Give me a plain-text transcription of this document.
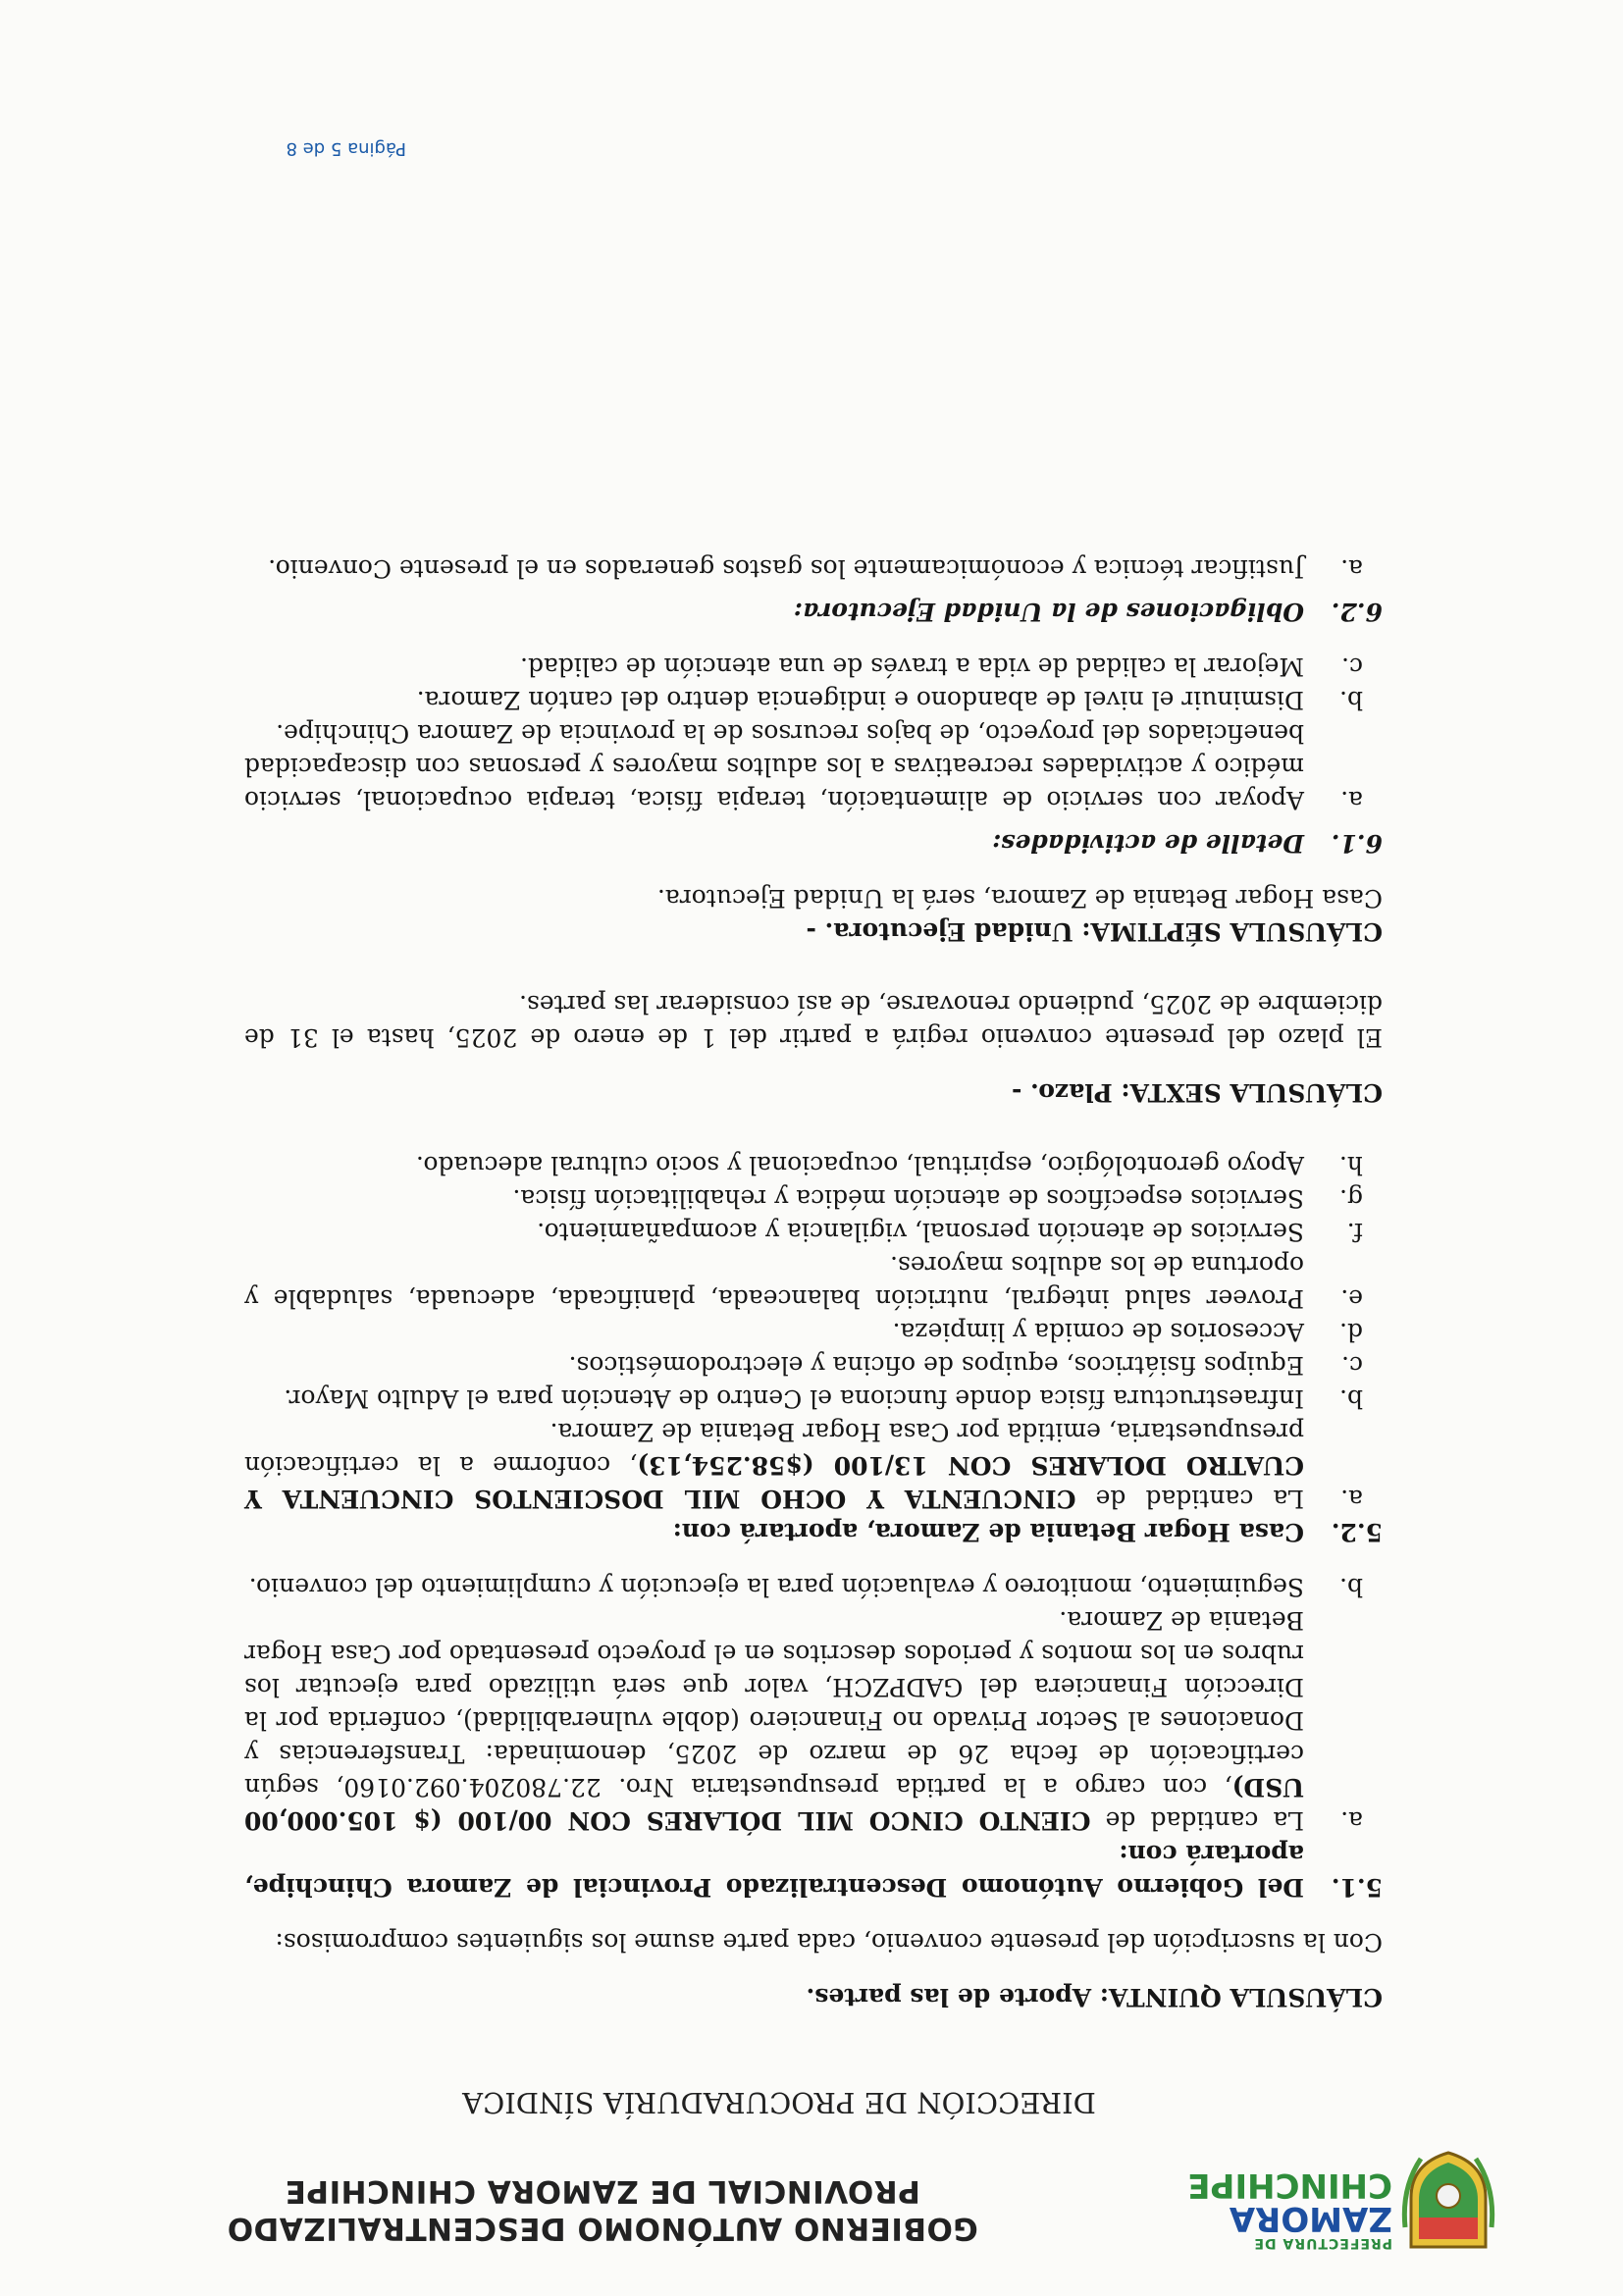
PREFECTURA DE
ZAMORA
CHINCHIPE
GOBIERNO AUTÓNOMO DESCENTRALIZADO
PROVINCIAL DE ZAMORA CHINCHIPE
DIRECCIÓN DE PROCURADURÍA SÍNDICA

CLÁUSULA QUINTA: Aporte de las partes.

Con la suscripción del presente convenio, cada parte asume los siguientes compromisos:

5.1.
Del Gobierno Autónomo Descentralizado Provincial de Zamora Chinchipe, aportará con:
a.
La cantidad de CIENTO CINCO MIL DÓLARES CON 00/100 ($ 105.000,00 USD), con cargo a la partida presupuestaria Nro. 22.780204.092.0160, según certificación de fecha 26 de marzo de 2025, denominada: Transferencias y Donaciones al Sector Privado no Financiero (doble vulnerabilidad), conferida por la Dirección Financiera del GADPZCH, valor que será utilizado para ejecutar los rubros en los montos y periodos descritos en el proyecto presentado por Casa Hogar Betania de Zamora.
b.
Seguimiento, monitoreo y evaluación para la ejecución y cumplimiento del convenio.
5.2.
Casa Hogar Betania de Zamora, aportará con:
a.
La cantidad de CINCUENTA Y OCHO MIL DOSCIENTOS CINCUENTA Y CUATRO DOLARES CON 13/100 ($58.254,13), conforme a la certificación presupuestaria, emitida por Casa Hogar Betania de Zamora.
b.
Infraestructura física donde funciona el Centro de Atención para el Adulto Mayor.
c.
Equipos fisiátricos, equipos de oficina y electrodomésticos.
d.
Accesorios de comida y limpieza.
e.
Proveer salud integral, nutrición balanceada, planificada, adecuada, saludable y oportuna de los adultos mayores.
f.
Servicios de atención personal, vigilancia y acompañamiento.
g.
Servicios específicos de atención médica y rehabilitación física.
h.
Apoyo gerontológico, espiritual, ocupacional y socio cultural adecuado.

CLÁUSULA SEXTA: Plazo. -

El plazo del presente convenio regirá a partir del 1 de enero de 2025, hasta el 31 de diciembre de 2025, pudiendo renovarse, de así considerar las partes.

CLÁUSULA SÉPTIMA: Unidad Ejecutora. -

Casa Hogar Betania de Zamora, será la Unidad Ejecutora.

6.1.
Detalle de actividades:
a.
Apoyar con servicio de alimentación, terapia física, terapia ocupacional, servicio médico y actividades recreativas a los adultos mayores y personas con discapacidad beneficiados del proyecto, de bajos recursos de la provincia de Zamora Chinchipe.
b.
Disminuir el nivel de abandono e indigencia dentro del cantón Zamora.
c.
Mejorar la calidad de vida a través de una atención de calidad.
6.2.
Obligaciones de la Unidad Ejecutora:
a.
Justificar técnica y económicamente los gastos generados en el presente Convenio.
Página 5 de 8
